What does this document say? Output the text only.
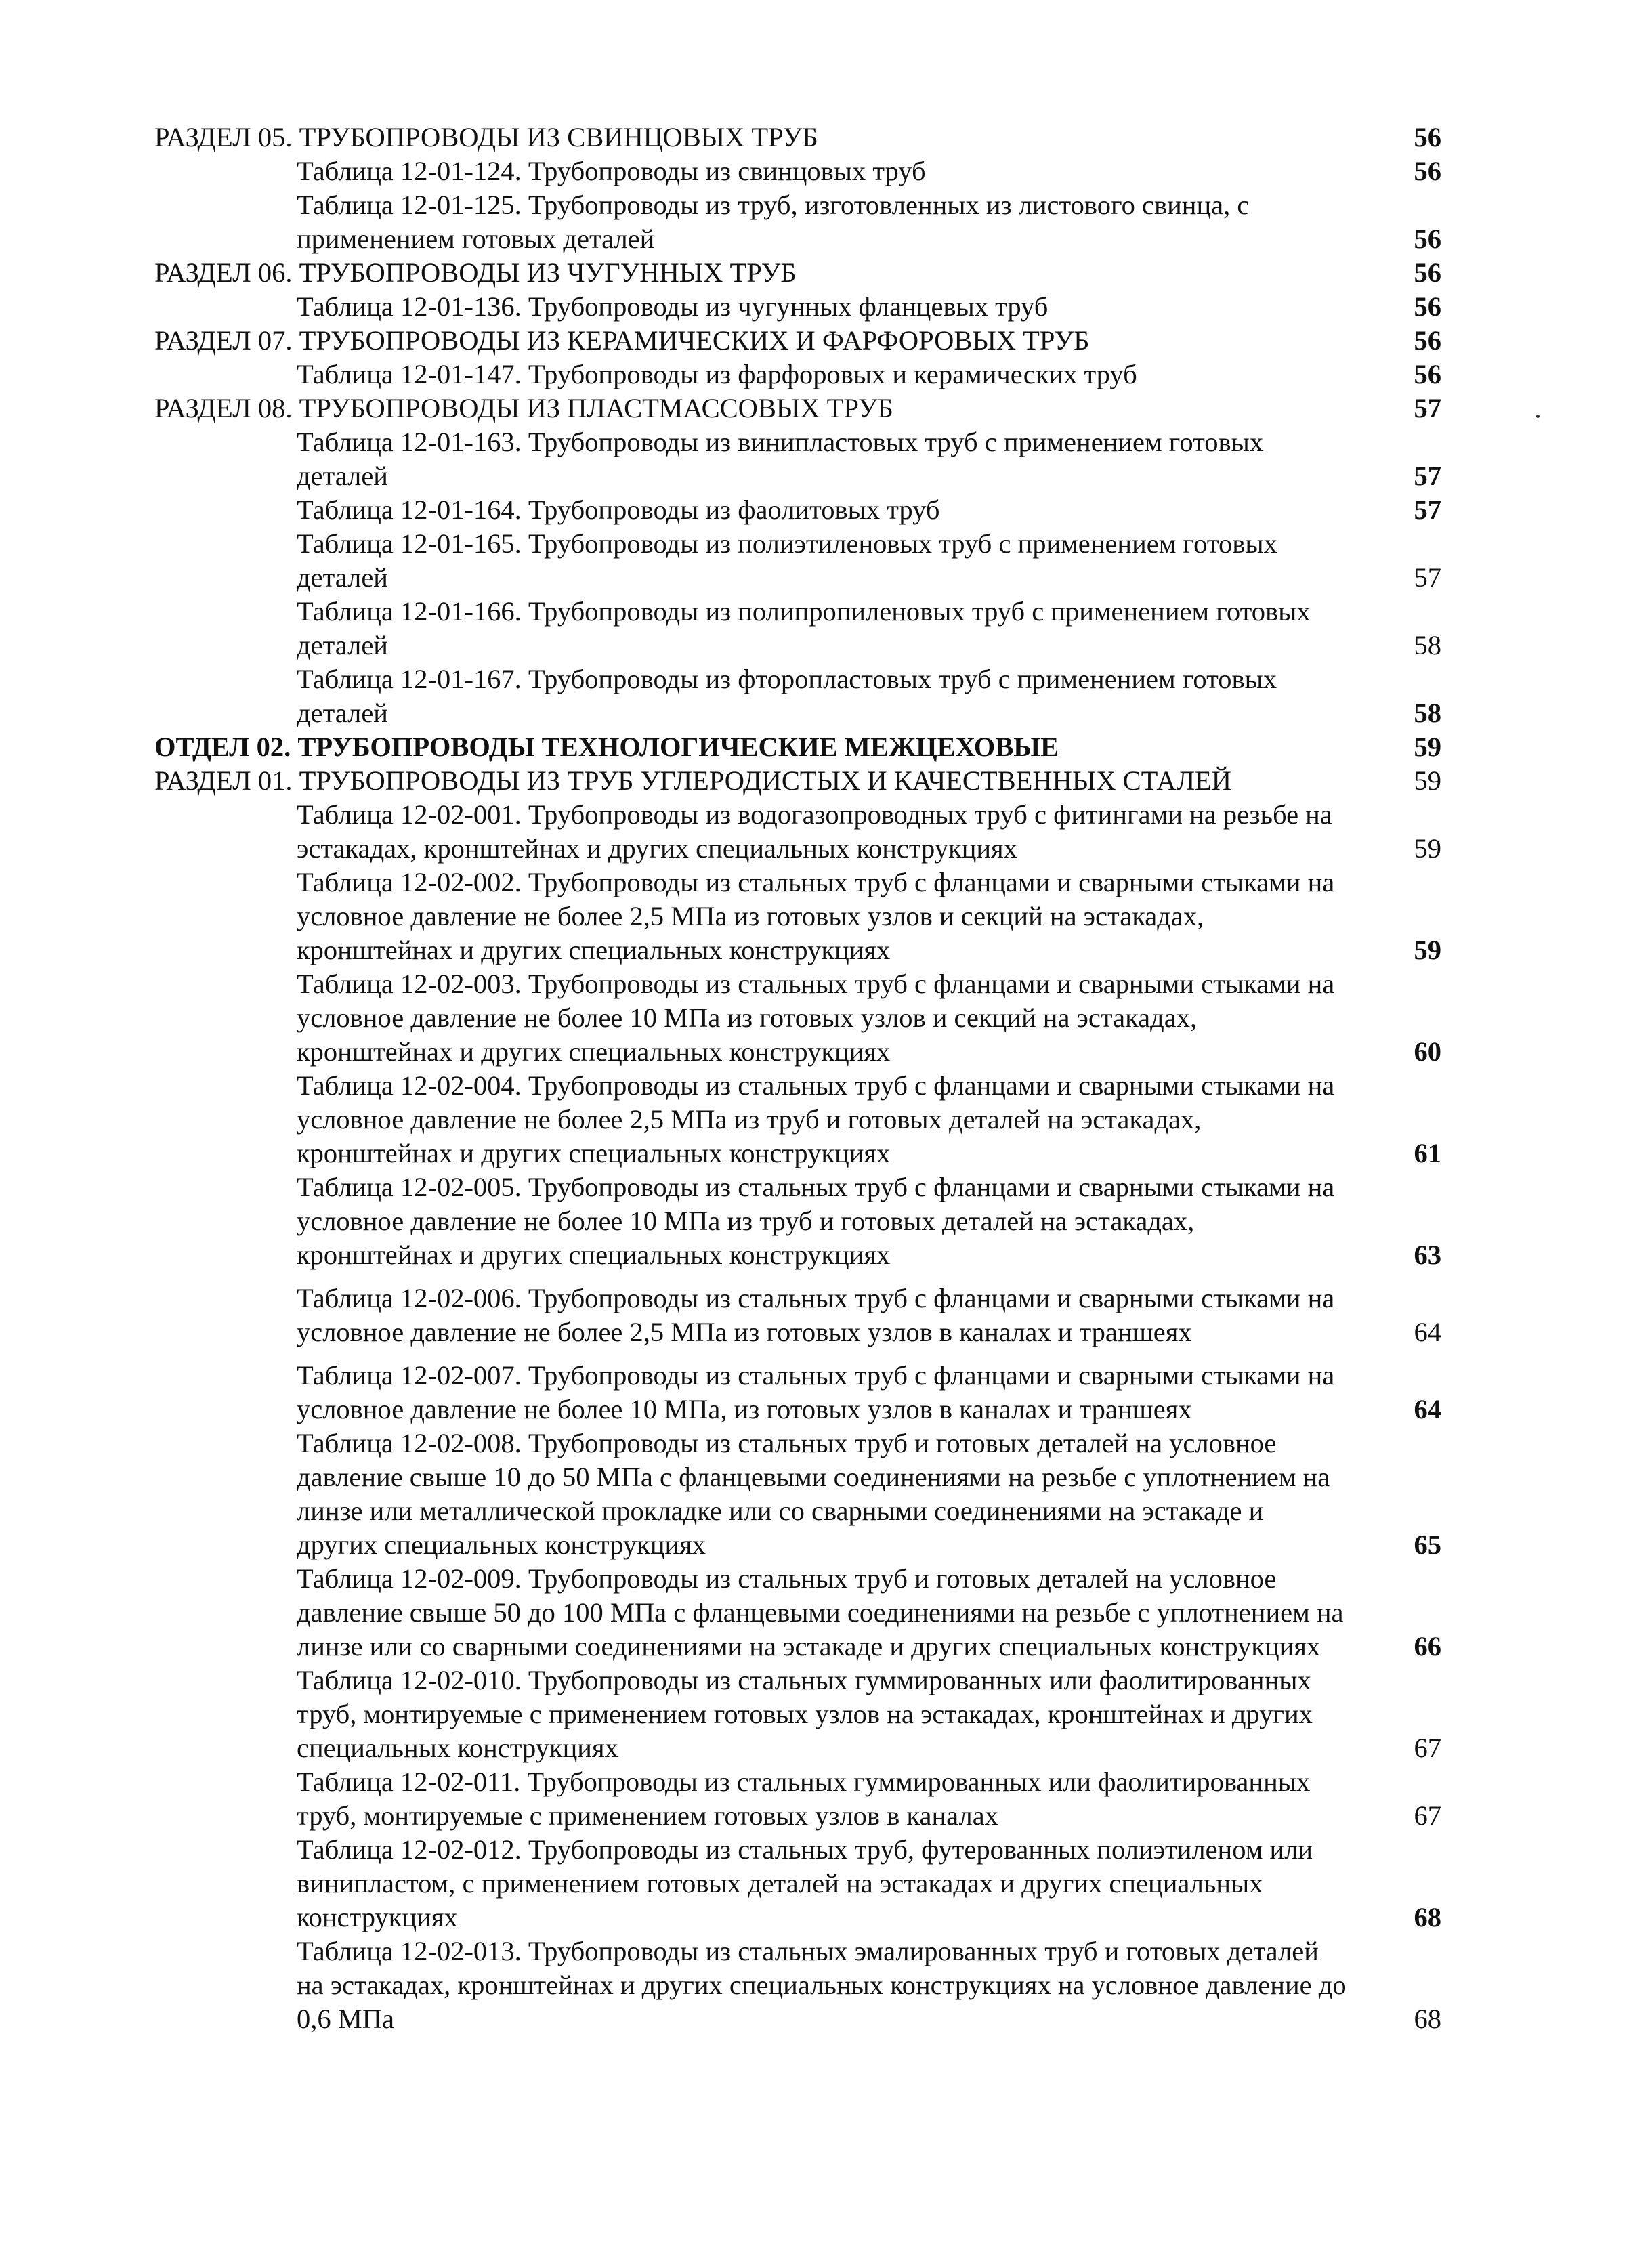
РАЗДЕЛ 05. ТРУБОПРОВОДЫ ИЗ СВИНЦОВЫХ ТРУБ	56
Таблица 12-01-124. Трубопроводы из свинцовых труб	56
Таблица 12-01-125. Трубопроводы из труб, изготовленных из листового свинца, с применением готовых деталей	56
РАЗДЕЛ 06. ТРУБОПРОВОДЫ ИЗ ЧУГУННЫХ ТРУБ	56
Таблица 12-01-136. Трубопроводы из чугунных фланцевых труб	56
РАЗДЕЛ 07. ТРУБОПРОВОДЫ ИЗ КЕРАМИЧЕСКИХ И ФАРФОРОВЫХ ТРУБ	56
Таблица 12-01-147. Трубопроводы из фарфоровых и керамических труб	56
РАЗДЕЛ 08. ТРУБОПРОВОДЫ ИЗ ПЛАСТМАССОВЫХ ТРУБ	57
Таблица 12-01-163. Трубопроводы из винипластовых труб с применением готовых деталей	57
Таблица 12-01-164. Трубопроводы из фаолитовых труб	57
Таблица 12-01-165. Трубопроводы из полиэтиленовых труб с применением готовых деталей	57
Таблица 12-01-166. Трубопроводы из полипропиленовых труб с применением готовых деталей	58
Таблица 12-01-167. Трубопроводы из фторопластовых труб с применением готовых деталей	58
ОТДЕЛ 02. ТРУБОПРОВОДЫ ТЕХНОЛОГИЧЕСКИЕ МЕЖЦЕХОВЫЕ	59
РАЗДЕЛ 01. ТРУБОПРОВОДЫ ИЗ ТРУБ УГЛЕРОДИСТЫХ И КАЧЕСТВЕННЫХ СТАЛЕЙ	59
Таблица 12-02-001. Трубопроводы из водогазопроводных труб с фитингами на резьбе на эстакадах, кронштейнах и других специальных конструкциях	59
Таблица 12-02-002. Трубопроводы из стальных труб с фланцами и сварными стыками на условное давление не более 2,5 МПа из готовых узлов и секций на эстакадах, кронштейнах и других специальных конструкциях	59
Таблица 12-02-003. Трубопроводы из стальных труб с фланцами и сварными стыками на условное давление не более 10 МПа из готовых узлов и секций на эстакадах, кронштейнах и других специальных конструкциях	60
Таблица 12-02-004. Трубопроводы из стальных труб с фланцами и сварными стыками на условное давление не более 2,5 МПа из труб и готовых деталей на эстакадах, кронштейнах и других специальных конструкциях	61
Таблица 12-02-005. Трубопроводы из стальных труб с фланцами и сварными стыками на условное давление не более 10 МПа из труб и готовых деталей на эстакадах, кронштейнах и других специальных конструкциях	63
Таблица 12-02-006. Трубопроводы из стальных труб с фланцами и сварными стыками на условное давление не более 2,5 МПа из готовых узлов в каналах и траншеях	64
Таблица 12-02-007. Трубопроводы из стальных труб с фланцами и сварными стыками на условное давление не более 10 МПа, из готовых узлов в каналах и траншеях	64
Таблица 12-02-008. Трубопроводы из стальных труб и готовых деталей на условное давление свыше 10 до 50 МПа с фланцевыми соединениями на резьбе с уплотнением на линзе или металлической прокладке или со сварными соединениями на эстакаде и других специальных конструкциях	65
Таблица 12-02-009. Трубопроводы из стальных труб и готовых деталей на условное давление свыше 50 до 100 МПа с фланцевыми соединениями на резьбе с уплотнением на линзе или со сварными соединениями на эстакаде и других специальных конструкциях	66
Таблица 12-02-010. Трубопроводы из стальных гуммированных или фаолитированных труб, монтируемые с применением готовых узлов на эстакадах, кронштейнах и других специальных конструкциях	67
Таблица 12-02-011. Трубопроводы из стальных гуммированных или фаолитированных труб, монтируемые с применением готовых узлов в каналах	67
Таблица 12-02-012. Трубопроводы из стальных труб, футерованных полиэтиленом или винипластом, с применением готовых деталей на эстакадах и других специальных конструкциях	68
Таблица 12-02-013. Трубопроводы из стальных эмалированных труб и готовых деталей на эстакадах, кронштейнах и других специальных конструкциях на условное давление до 0,6 МПа	68
